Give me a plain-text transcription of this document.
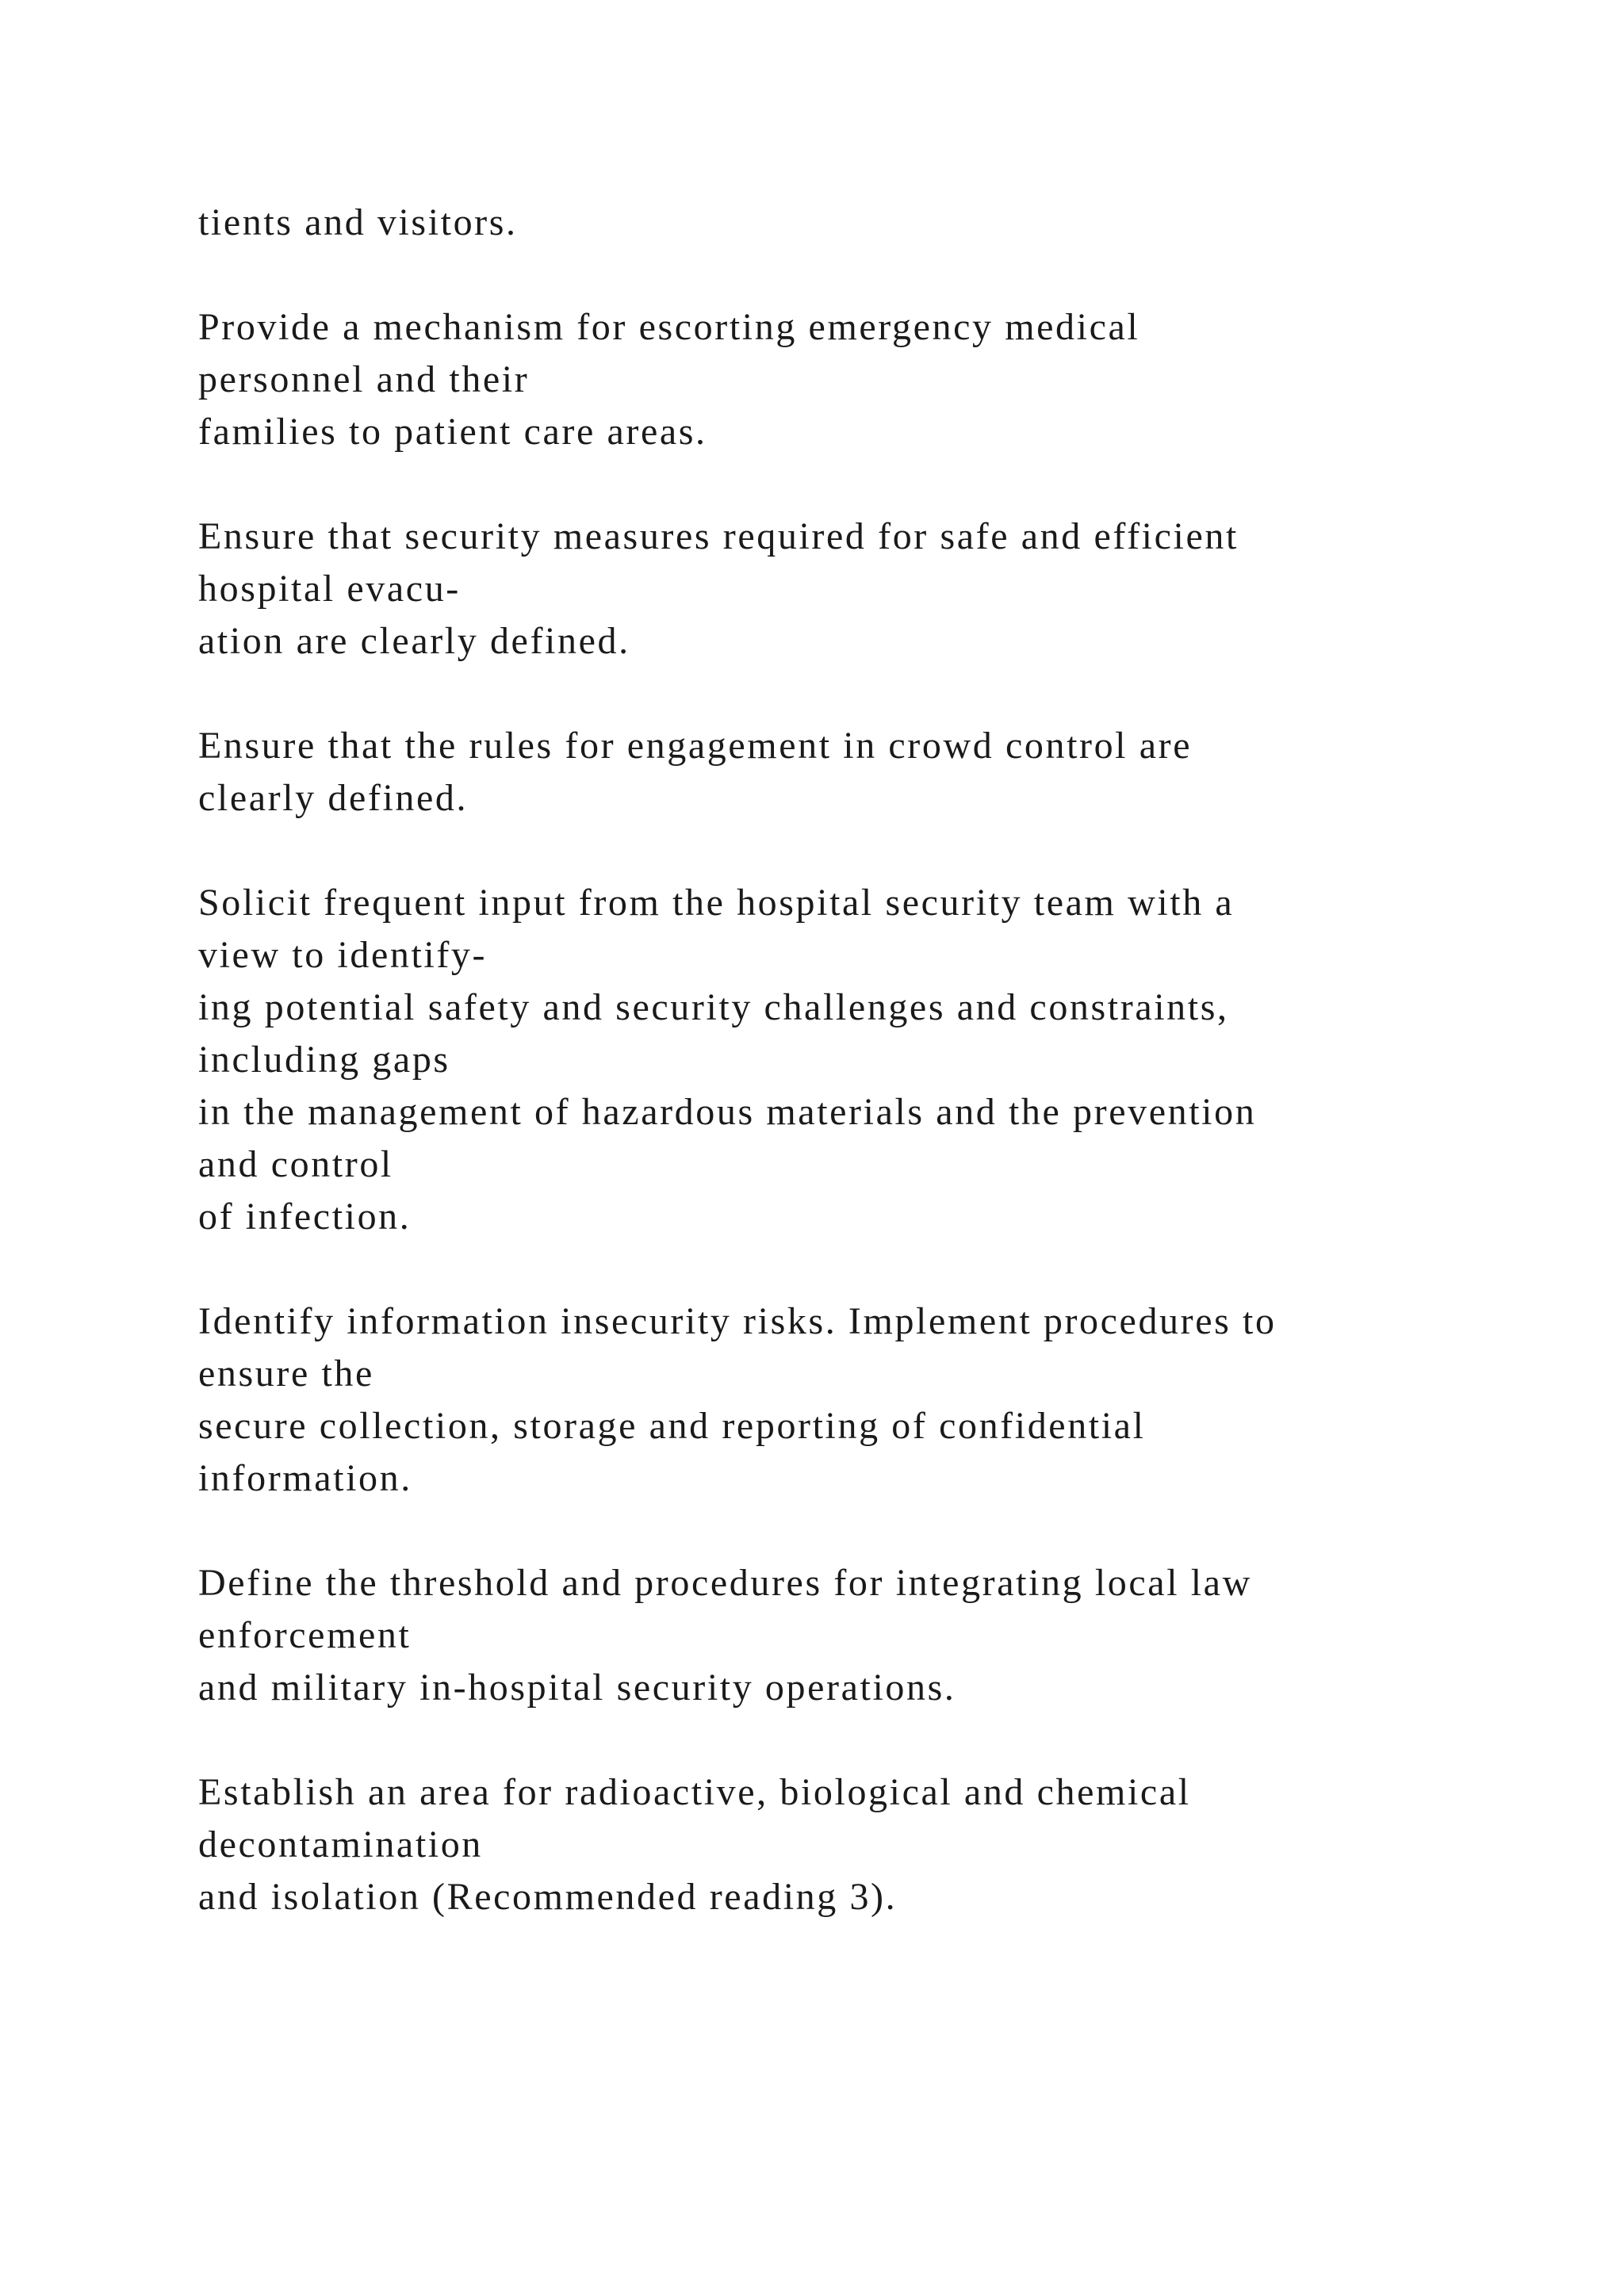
tients and visitors.

Provide a mechanism for escorting emergency medical
personnel and their
families to patient care areas.

Ensure that security measures required for safe and efficient
hospital evacu-
ation are clearly defined.

Ensure that the rules for engagement in crowd control are
clearly defined.

Solicit frequent input from the hospital security team with a
view to identify-
ing potential safety and security challenges and constraints,
including gaps
in the management of hazardous materials and the prevention
and control
of infection.

Identify information insecurity risks. Implement procedures to
ensure the
secure collection, storage and reporting of confidential
information.

Define the threshold and procedures for integrating local law
enforcement
and military in-hospital security operations.

Establish an area for radioactive, biological and chemical
decontamination
and isolation (Recommended reading 3).
